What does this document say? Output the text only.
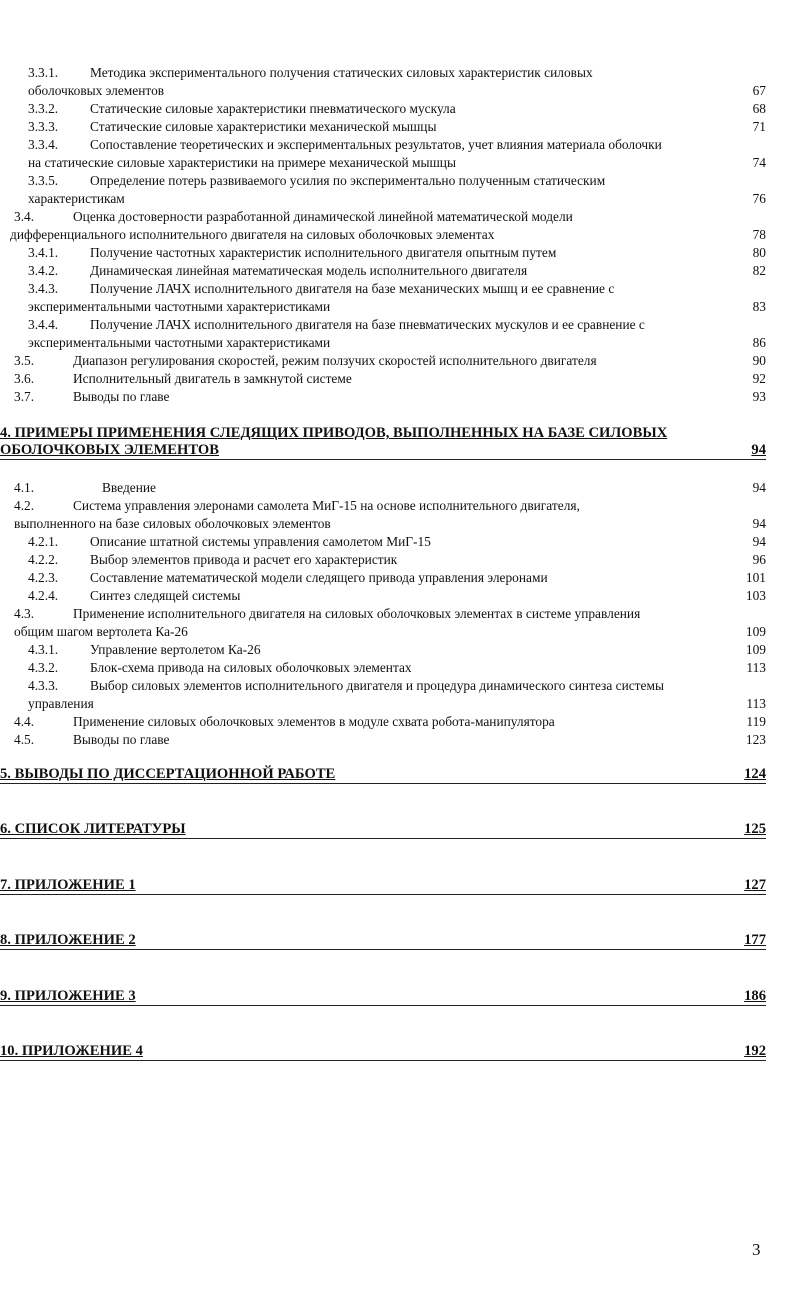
3.3.1. Методика экспериментального получения статических силовых характеристик силовых
оболочковых элементов	67
3.3.2. Статические силовые характеристики пневматического мускула	68
3.3.3. Статические силовые характеристики механической мышцы	71
3.3.4. Сопоставление теоретических и экспериментальных результатов, учет влияния материала оболочки
на статические силовые характеристики на примере механической мышцы	74
3.3.5. Определение потерь развиваемого усилия по экспериментально полученным статическим
характеристикам	76
3.4.	Оценка достоверности разработанной динамической линейной математической модели
дифференциального исполнительного двигателя на силовых оболочковых элементах	78
3.4.1. Получение частотных характеристик исполнительного двигателя опытным путем	80
3.4.2. Динамическая линейная математическая модель исполнительного двигателя	82
3.4.3. Получение ЛАЧХ исполнительного двигателя на базе механических мышц и ее сравнение с
экспериментальными частотными характеристиками	83
3.4.4. Получение ЛАЧХ исполнительного двигателя на базе пневматических мускулов и ее сравнение с
экспериментальными частотными характеристиками	86
3.5.	Диапазон регулирования скоростей, режим ползучих скоростей исполнительного двигателя	90
3.6.	Исполнительный двигатель в замкнутой системе	92
3.7.	Выводы по главе	93
4. ПРИМЕРЫ ПРИМЕНЕНИЯ СЛЕДЯЩИХ ПРИВОДОВ, ВЫПОЛНЕННЫХ НА БАЗЕ СИЛОВЫХ
ОБОЛОЧКОВЫХ ЭЛЕМЕНТОВ	94
4.1.	Введение	94
4.2.	Система управления элеронами самолета МиГ-15 на основе исполнительного двигателя,
выполненного на базе силовых оболочковых элементов	94
4.2.1. Описание штатной системы управления самолетом МиГ-15	94
4.2.2. Выбор элементов привода и расчет его характеристик	96
4.2.3. Составление математической модели следящего привода управления элеронами	101
4.2.4. Синтез следящей системы	103
4.3.	Применение исполнительного двигателя на силовых оболочковых элементах в системе управления
общим шагом вертолета Ка-26	109
4.3.1. Управление вертолетом Ка-26	109
4.3.2. Блок-схема привода на силовых оболочковых элементах	113
4.3.3. Выбор силовых элементов исполнительного двигателя и процедура динамического синтеза системы
управления	113
4.4.	Применение силовых оболочковых элементов в модуле схвата робота-манипулятора	119
4.5.	Выводы по главе	123
5. ВЫВОДЫ ПО ДИССЕРТАЦИОННОЙ РАБОТЕ	124
6. СПИСОК ЛИТЕРАТУРЫ	125
7. ПРИЛОЖЕНИЕ 1	127
8. ПРИЛОЖЕНИЕ 2	177
9. ПРИЛОЖЕНИЕ 3	186
10. ПРИЛОЖЕНИЕ 4	192
3
